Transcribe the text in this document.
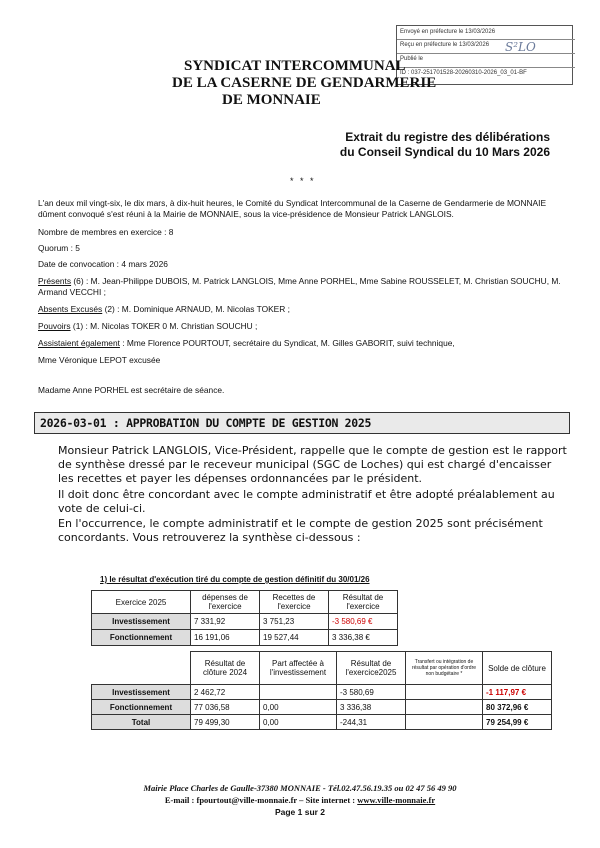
Envoyé en préfecture le 13/03/2026
Reçu en préfecture le 13/03/2026
Publié le
ID : 037-251701528-20260310-2026_03_01-BF
S²LO
SYNDICAT INTERCOMMUNAL
DE LA CASERNE DE GENDARMERIE
DE MONNAIE
Extrait du registre des délibérations
du Conseil Syndical du 10 Mars 2026
* * *
L'an deux mil vingt-six, le dix mars, à dix-huit heures, le Comité du Syndicat Intercommunal de la Caserne de Gendarmerie de MONNAIE dûment convoqué s'est réuni à la Mairie de MONNAIE, sous la vice-présidence de Monsieur Patrick LANGLOIS.
Nombre de membres en exercice : 8
Quorum : 5
Date de convocation : 4 mars 2026
Présents (6) : M. Jean-Philippe DUBOIS, M. Patrick LANGLOIS, Mme Anne PORHEL, Mme Sabine ROUSSELET, M. Christian SOUCHU, M. Armand VECCHI ;
Absents Excusés (2) : M. Dominique ARNAUD, M. Nicolas TOKER ;
Pouvoirs (1) : M. Nicolas TOKER 0 M. Christian SOUCHU ;
Assistaient également : Mme Florence POURTOUT, secrétaire du Syndicat, M. Gilles GABORIT, suivi technique,
Mme Véronique LEPOT excusée
Madame Anne PORHEL est secrétaire de séance.
2026-03-01 : APPROBATION DU COMPTE DE GESTION 2025
Monsieur Patrick LANGLOIS, Vice-Président, rappelle que le compte de gestion est le rapport de synthèse dressé par le receveur municipal (SGC de Loches) qui est chargé d'encaisser les recettes et payer les dépenses ordonnancées par le président.
Il doit donc être concordant avec le compte administratif et être adopté préalablement au vote de celui-ci.
En l'occurrence, le compte administratif et le compte de gestion 2025 sont précisément concordants. Vous retrouverez la synthèse ci-dessous :
1) le résultat d'exécution tiré du compte de gestion définitif du 30/01/26
Exercice 2025	dépenses de l'exercice	Recettes de l'exercice	Résultat de l'exercice
Investissement	7 331,92	3 751,23	-3 580,69 €
Fonctionnement	16 191,06	19 527,44	3 336,38 €
	Résultat de clôture 2024	Part affectée à l'investissement	Résultat de l'exercice2025	Transfert ou intégration de résultat par opération d'ordre non budgétaire *	Solde de clôture
Investissement	2 462,72		-3 580,69		-1 117,97 €
Fonctionnement	77 036,58	0,00	3 336,38		80 372,96 €
Total	79 499,30	0,00	-244,31		79 254,99 €
Mairie Place Charles de Gaulle-37380 MONNAIE - Tél.02.47.56.19.35 ou 02 47 56 49 90
E-mail : fpourtout@ville-monnaie.fr – Site internet : www.ville-monnaie.fr
Page 1 sur 2
